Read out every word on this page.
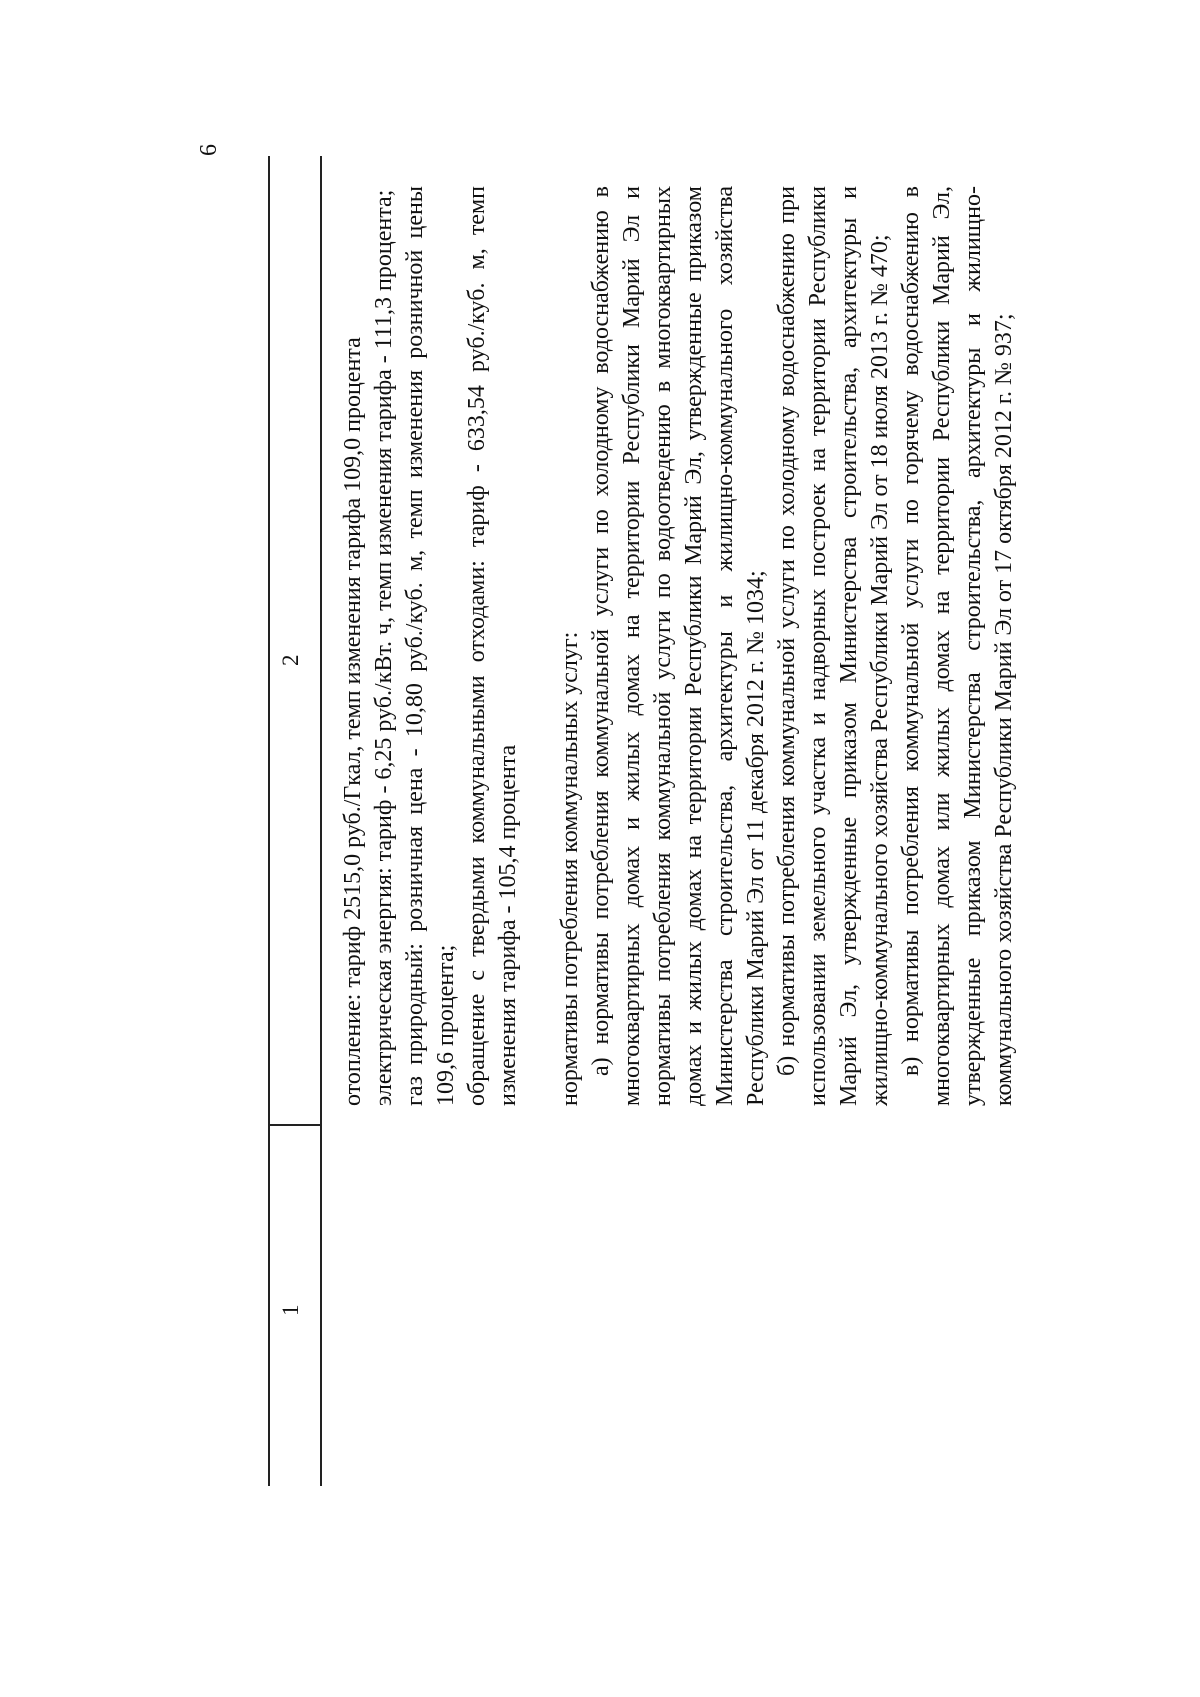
6
1
2 отопление: тариф 2515,0 руб./Гкал, темп изменения тарифа 109,0 процента электрическая энергия: тариф - 6,25 руб./кВт. ч, темп изменения тарифа - 111,3 процента; газ природный: розничная цена - 10,80 руб./куб. м, темп изменения розничной цены 109,6 процента; обращение с твердыми коммунальными отходами: тариф - 633,54 руб./куб. м, темп изменения тарифа - 105,4 процента нормативы потребления коммунальных услуг: а) нормативы потребления коммунальной услуги по холодному водоснабжению в многоквартирных домах и жилых домах на территории Республики Марий Эл и нормативы потребления коммунальной услуги по водоотведению в многоквартирных домах и жилых домах на территории Республики Марий Эл, утвержденные приказом Министерства строительства, архитектуры и жилищно-коммунального хозяйства Республики Марий Эл от 11 декабря 2012 г. № 1034; б) нормативы потребления коммунальной услуги по холодному водоснабжению при использовании земельного участка и надворных построек на территории Республики Марий Эл, утвержденные приказом Министерства строительства, архитектуры и жилищно-коммунального хозяйства Республики Марий Эл от 18 июля 2013 г. № 470; в) нормативы потребления коммунальной услуги по горячему водоснабжению в многоквартирных домах или жилых домах на территории Республики Марий Эл, утвержденные приказом Министерства строительства, архитектуры и жилищно-коммунального хозяйства Республики Марий Эл от 17 октября 2012 г. № 937;
